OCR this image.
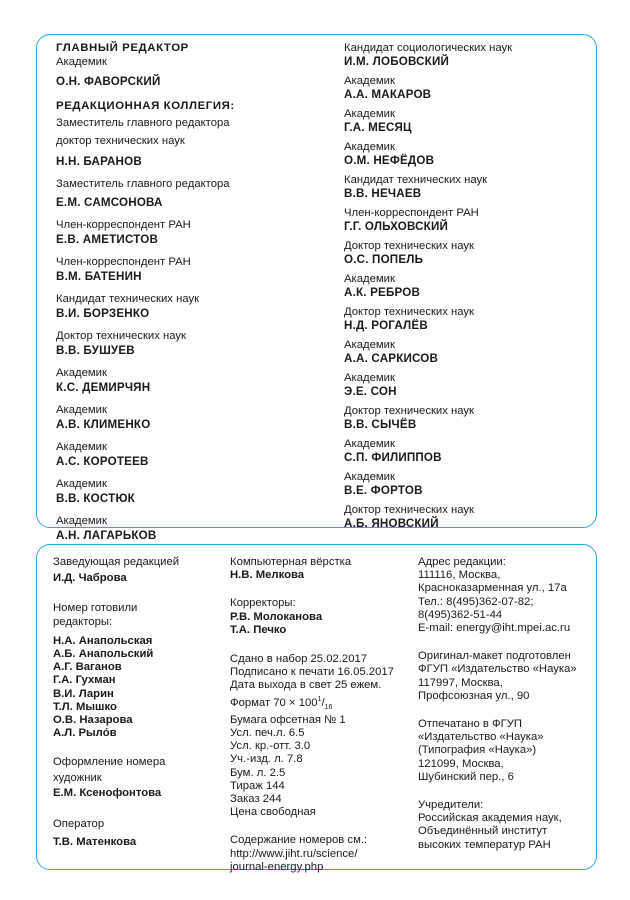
ГЛАВНЫЙ РЕДАКТОР
Академик
О.Н. ФАВОРСКИЙ
РЕДАКЦИОННАЯ КОЛЛЕГИЯ:
Заместитель главного редактора
доктор технических наук
Н.Н. БАРАНОВ
Заместитель главного редактора
Е.М. САМСОНОВА
Член-корреспондент РАН
Е.В. АМЕТИСТОВ
Член-корреспондент РАН
В.М. БАТЕНИН
Кандидат технических наук
В.И. БОРЗЕНКО
Доктор технических наук
В.В. БУШУЕВ
Академик
К.С. ДЕМИРЧЯН
Академик
А.В. КЛИМЕНКО
Академик
А.С. КОРОТЕЕВ
Академик
В.В. КОСТЮК
Академик
А.Н. ЛАГАРЬКОВ
Кандидат социологических наук
И.М. ЛОБОВСКИЙ
Академик
А.А. МАКАРОВ
Академик
Г.А. МЕСЯЦ
Академик
О.М. НЕФЁДОВ
Кандидат технических наук
В.В. НЕЧАЕВ
Член-корреспондент РАН
Г.Г. ОЛЬХОВСКИЙ
Доктор технических наук
О.С. ПОПЕЛЬ
Академик
А.К. РЕБРОВ
Доктор технических наук
Н.Д. РОГАЛЁВ
Академик
А.А. САРКИСОВ
Академик
Э.Е. СОН
Доктор технических наук
В.В. СЫЧЁВ
Академик
С.П. ФИЛИППОВ
Академик
В.Е. ФОРТОВ
Доктор технических наук
А.Б. ЯНОВСКИЙ
Заведующая редакцией
И.Д. Чаброва
Номер готовили
редакторы:
Н.А. Анапольская
А.Б. Анапольский
А.Г. Ваганов
Г.А. Гухман
В.И. Ларин
Т.Л. Мышко
О.В. Назарова
А.Л. Рыло́в
Оформление номера
художник
Е.М. Ксенофонтова
Оператор
Т.В. Матенкова
Компьютерная вёрстка
Н.В. Мелкова
Корректоры:
Р.В. Молоканова
Т.А. Печко
Сдано в набор 25.02.2017
Подписано к печати 16.05.2017
Дата выхода в свет 25 ежем.
Формат $70 \times 100^1/_{16}$
Бумага офсетная № 1
Усл. печ.л. 6.5
Усл. кр.-отт. 3.0
Уч.-изд. л. 7.8
Бум. л. 2.5
Тираж 144
Заказ 244
Цена свободная
Содержание номеров см.:
http://www.jiht.ru/science/
journal-energy.php
Адрес редакции:
111116, Москва,
Красноказарменная ул., 17а
Тел.: 8(495)362-07-82;
8(495)362-51-44
E-mail: energy@iht.mpei.ac.ru
Оригинал-макет подготовлен
ФГУП «Издательство «Наука»
117997, Москва,
Профсоюзная ул., 90
Отпечатано в ФГУП
«Издательство «Наука»
(Типография «Наука»)
121099, Москва,
Шубинский пер., 6
Учредители:
Российская академия наук,
Объединённый институт
высоких температур РАН
